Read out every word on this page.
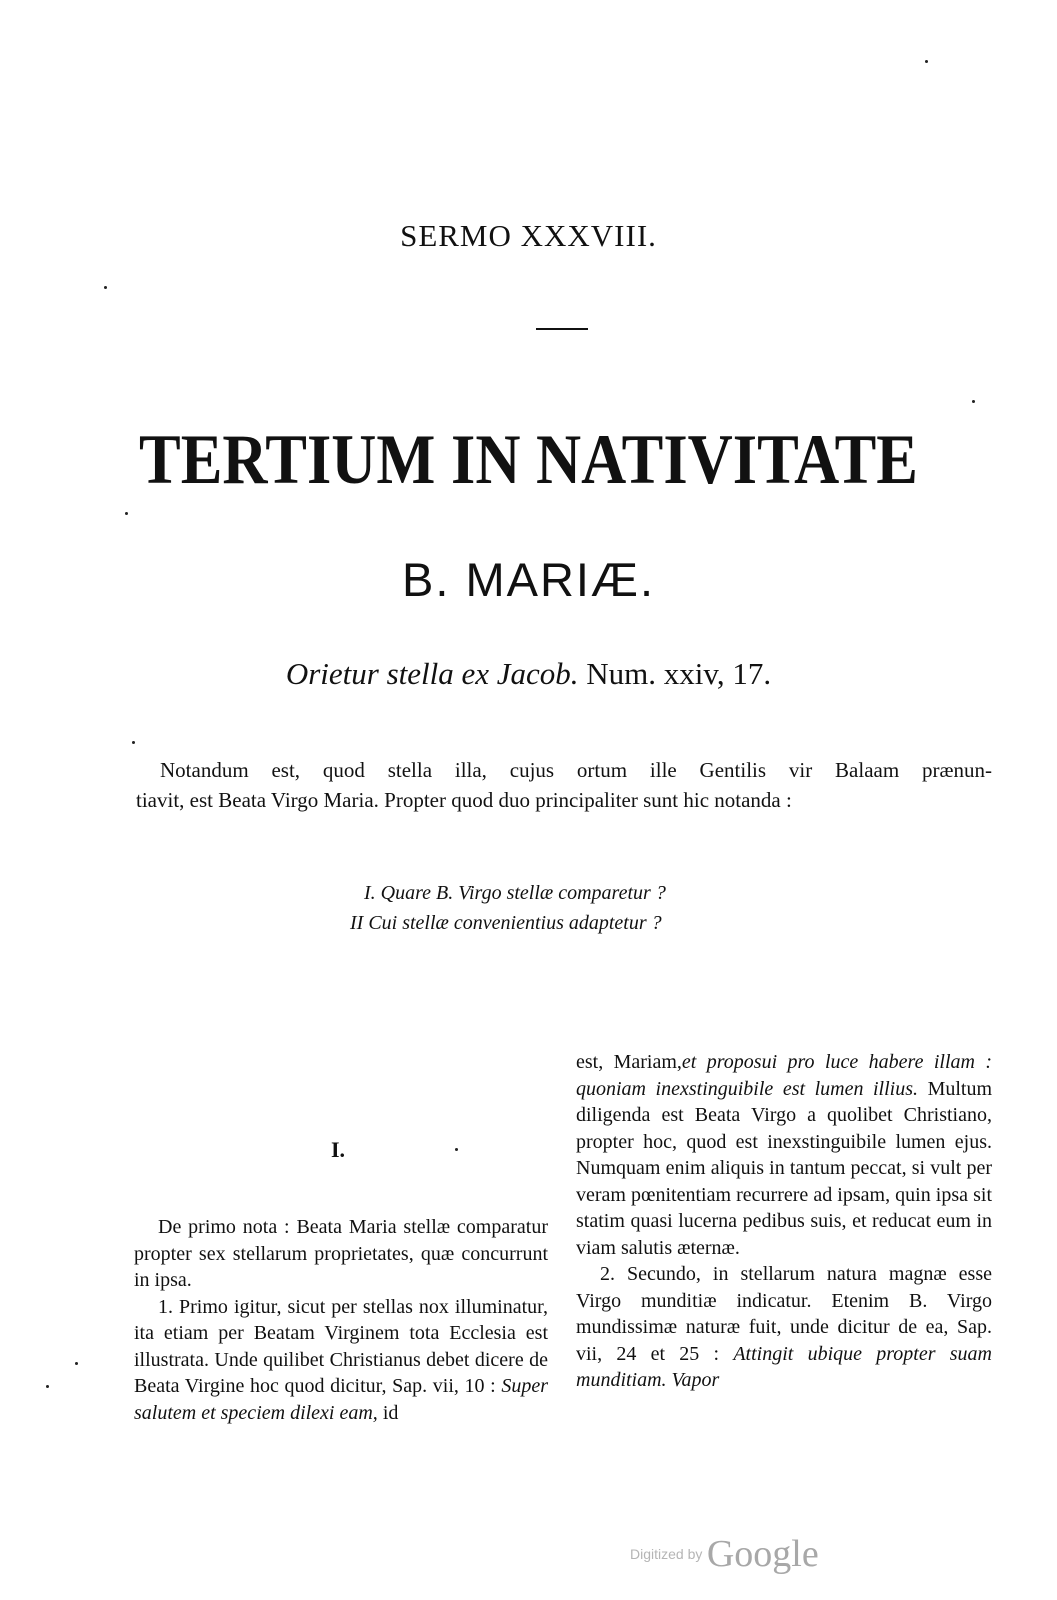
SERMO XXXVIII.
TERTIUM IN NATIVITATE
B. MARIÆ.
Orietur stella ex Jacob. Num. xxiv, 17.

Notandum est, quod stella illa, cujus ortum ille Gentilis vir Balaam prænun-

tiavit, est Beata Virgo Maria. Propter quod duo principaliter sunt hic notanda :

I. Quare B. Virgo stellæ comparetur ?
II Cui stellæ convenientius adaptetur ?
I.

De primo nota : Beata Maria stellæ comparatur propter sex stellarum proprietates, quæ concurrunt in ipsa.

1. Primo igitur, sicut per stellas nox illuminatur, ita etiam per Beatam Virginem tota Ecclesia est illustrata. Unde quilibet Christianus debet dicere de Beata Virgine hoc quod dicitur, Sap. vii, 10 : Super salutem et speciem dilexi eam, id

est, Mariam,et proposui pro luce habere illam : quoniam inexstinguibile est lumen illius. Multum diligenda est Beata Virgo a quolibet Christiano, propter hoc, quod est inexstinguibile lumen ejus. Numquam enim aliquis in tantum peccat, si vult per veram pœnitentiam recurrere ad ipsam, quin ipsa sit statim quasi lucerna pedibus suis, et reducat eum in viam salutis æternæ.

2. Secundo, in stellarum natura magnæ esse Virgo munditiæ indicatur. Etenim B. Virgo mundissimæ naturæ fuit, unde dicitur de ea, Sap. vii, 24 et 25 : Attingit ubique propter suam munditiam. Vapor

Digitized by Google
